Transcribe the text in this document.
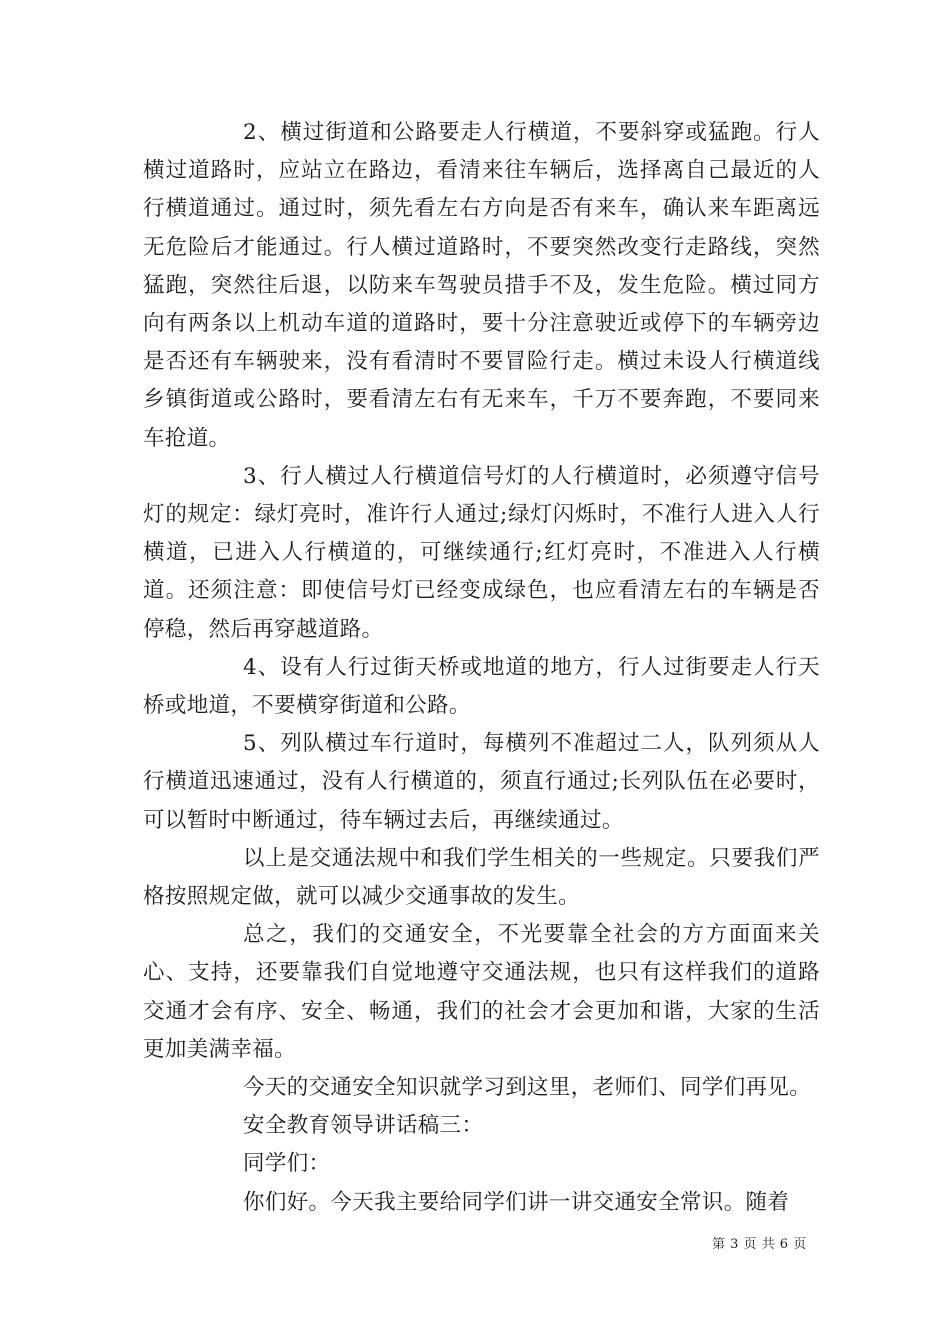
2、横过街道和公路要走人行横道，不要斜穿或猛跑。行人横过道路时，应站立在路边，看清来往车辆后，选择离自己最近的人行横道通过。通过时，须先看左右方向是否有来车，确认来车距离远无危险后才能通过。行人横过道路时，不要突然改变行走路线，突然猛跑，突然往后退，以防来车驾驶员措手不及，发生危险。横过同方向有两条以上机动车道的道路时，要十分注意驶近或停下的车辆旁边是否还有车辆驶来，没有看清时不要冒险行走。横过未设人行横道线乡镇街道或公路时，要看清左右有无来车，千万不要奔跑，不要同来车抢道。

3、行人横过人行横道信号灯的人行横道时，必须遵守信号灯的规定：绿灯亮时，准许行人通过;绿灯闪烁时，不准行人进入人行横道，已进入人行横道的，可继续通行;红灯亮时，不准进入人行横道。还须注意：即使信号灯已经变成绿色，也应看清左右的车辆是否停稳，然后再穿越道路。

4、设有人行过街天桥或地道的地方，行人过街要走人行天桥或地道，不要横穿街道和公路。

5、列队横过车行道时，每横列不准超过二人，队列须从人行横道迅速通过，没有人行横道的，须直行通过;长列队伍在必要时，可以暂时中断通过，待车辆过去后，再继续通过。

以上是交通法规中和我们学生相关的一些规定。只要我们严格按照规定做，就可以减少交通事故的发生。

总之，我们的交通安全，不光要靠全社会的方方面面来关心、支持，还要靠我们自觉地遵守交通法规，也只有这样我们的道路交通才会有序、安全、畅通，我们的社会才会更加和谐，大家的生活更加美满幸福。

今天的交通安全知识就学习到这里，老师们、同学们再见。

安全教育领导讲话稿三：

同学们：

你们好。今天我主要给同学们讲一讲交通安全常识。随着

第 3 页 共 6 页
